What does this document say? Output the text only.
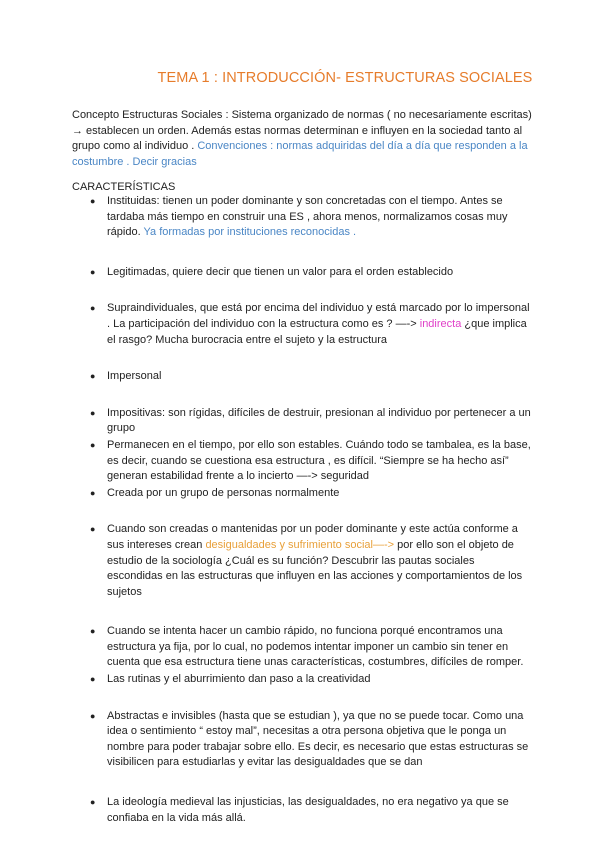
TEMA 1 : INTRODUCCIÓN- ESTRUCTURAS SOCIALES
Concepto Estructuras Sociales : Sistema organizado de normas ( no necesariamente escritas) → establecen un orden. Además estas normas determinan e influyen en la sociedad tanto al grupo como al individuo . Convenciones : normas adquiridas del día a día que responden a la costumbre . Decir gracias
CARACTERÍSTICAS
● Instituidas: tienen un poder dominante y son concretadas con el tiempo. Antes se tardaba más tiempo en construir una ES , ahora menos, normalizamos cosas muy rápido. Ya formadas por instituciones reconocidas .
● Legitimadas, quiere decir que tienen un valor para el orden establecido
● Supraindividuales, que está por encima del individuo y está marcado por lo impersonal . La participación del individuo con la estructura como es ? —-> indirecta ¿que implica el rasgo? Mucha burocracia entre el sujeto y la estructura
● Impersonal
● Impositivas: son rígidas, difíciles de destruir, presionan al individuo por pertenecer a un grupo
● Permanecen en el tiempo, por ello son estables. Cuándo todo se tambalea, es la base, es decir, cuando se cuestiona esa estructura , es difícil. “Siempre se ha hecho así” generan estabilidad frente a lo incierto —-> seguridad
● Creada por un grupo de personas normalmente
● Cuando son creadas o mantenidas por un poder dominante y este actúa conforme a sus intereses crean desigualdades y sufrimiento social—-> por ello son el objeto de estudio de la sociología ¿Cuál es su función? Descubrir las pautas sociales escondidas en las estructuras que influyen en las acciones y comportamientos de los sujetos
● Cuando se intenta hacer un cambio rápido, no funciona porqué encontramos una estructura ya fija, por lo cual, no podemos intentar imponer un cambio sin tener en cuenta que esa estructura tiene unas características, costumbres, difíciles de romper.
● Las rutinas y el aburrimiento dan paso a la creatividad
● Abstractas e invisibles (hasta que se estudian ), ya que no se puede tocar. Como una idea o sentimiento “ estoy mal”, necesitas a otra persona objetiva que le ponga un nombre para poder trabajar sobre ello. Es decir, es necesario que estas estructuras se visibilicen para estudiarlas y evitar las desigualdades que se dan
● La ideología medieval las injusticias, las desigualdades, no era negativo ya que se confiaba en la vida más allá.
